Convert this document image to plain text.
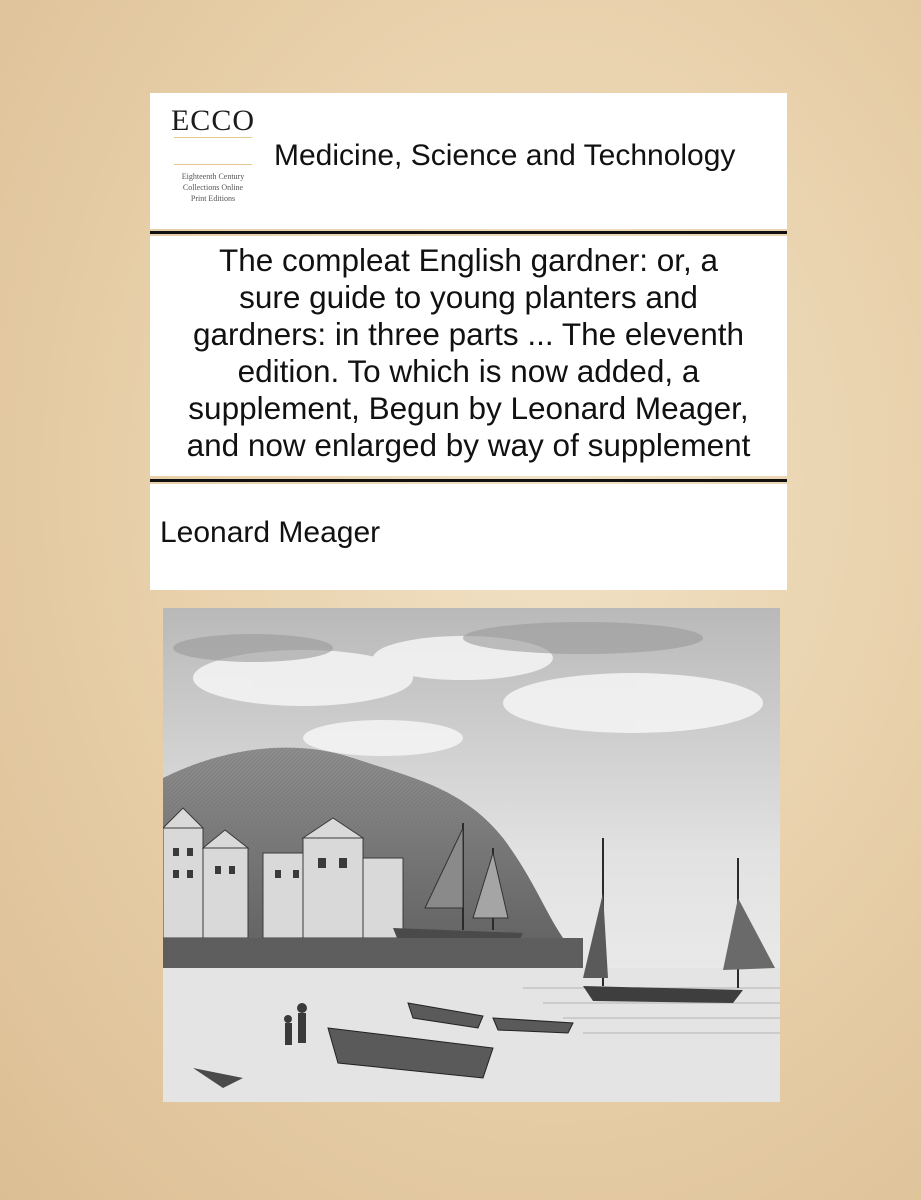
ECCO
Eighteenth Century
Collections Online
Print Editions
Medicine, Science and Technology
The compleat English gardner: or, a
sure guide to young planters and
gardners: in three parts ... The eleventh
edition. To which is now added, a
supplement, Begun by Leonard Meager,
and now enlarged by way of supplement
Leonard Meager
